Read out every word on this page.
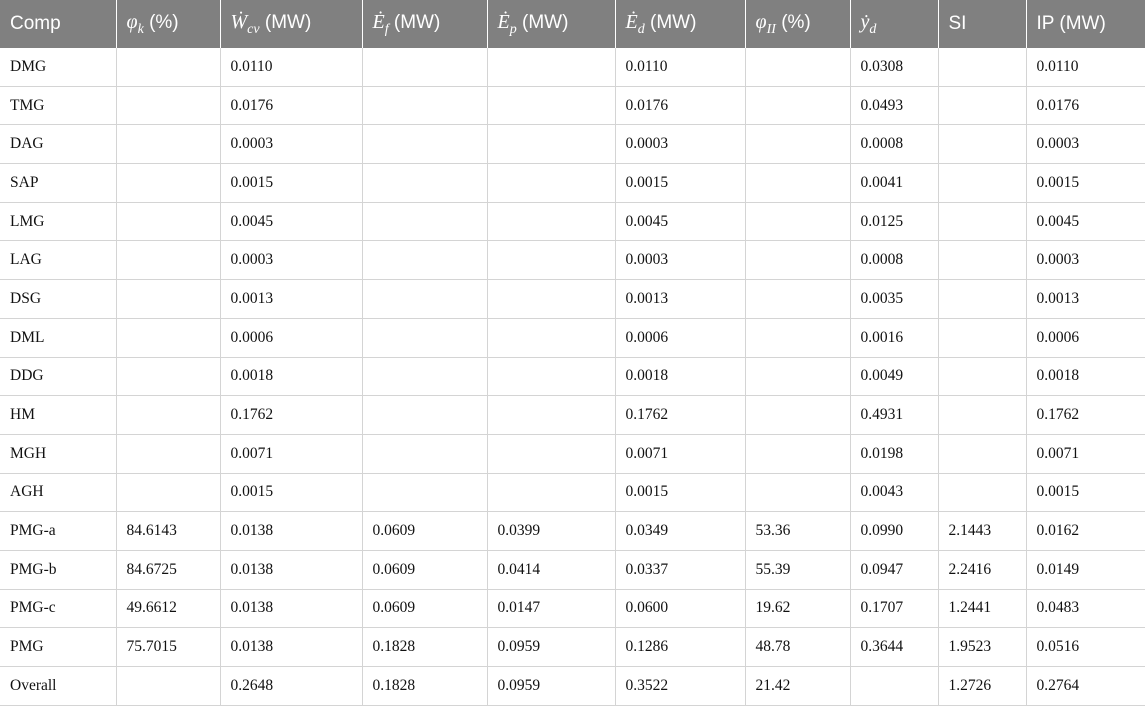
Comp	$\varphi_k$ (%)	Ẇ$_{cv}$ (MW)	$Ė_f$ (MW)	$Ė_p$ (MW)	$Ė_d$ (MW)	$\varphi_{II}$ (%)	ẏ$_d$	SI	IP (MW)
DMG		0.0110			0.0110		0.0308		0.0110
TMG		0.0176			0.0176		0.0493		0.0176
DAG		0.0003			0.0003		0.0008		0.0003
SAP		0.0015			0.0015		0.0041		0.0015
LMG		0.0045			0.0045		0.0125		0.0045
LAG		0.0003			0.0003		0.0008		0.0003
DSG		0.0013			0.0013		0.0035		0.0013
DML		0.0006			0.0006		0.0016		0.0006
DDG		0.0018			0.0018		0.0049		0.0018
HM		0.1762			0.1762		0.4931		0.1762
MGH		0.0071			0.0071		0.0198		0.0071
AGH		0.0015			0.0015		0.0043		0.0015
PMG-a	84.6143	0.0138	0.0609	0.0399	0.0349	53.36	0.0990	2.1443	0.0162
PMG-b	84.6725	0.0138	0.0609	0.0414	0.0337	55.39	0.0947	2.2416	0.0149
PMG-c	49.6612	0.0138	0.0609	0.0147	0.0600	19.62	0.1707	1.2441	0.0483
PMG	75.7015	0.0138	0.1828	0.0959	0.1286	48.78	0.3644	1.9523	0.0516
Overall		0.2648	0.1828	0.0959	0.3522	21.42		1.2726	0.2764
